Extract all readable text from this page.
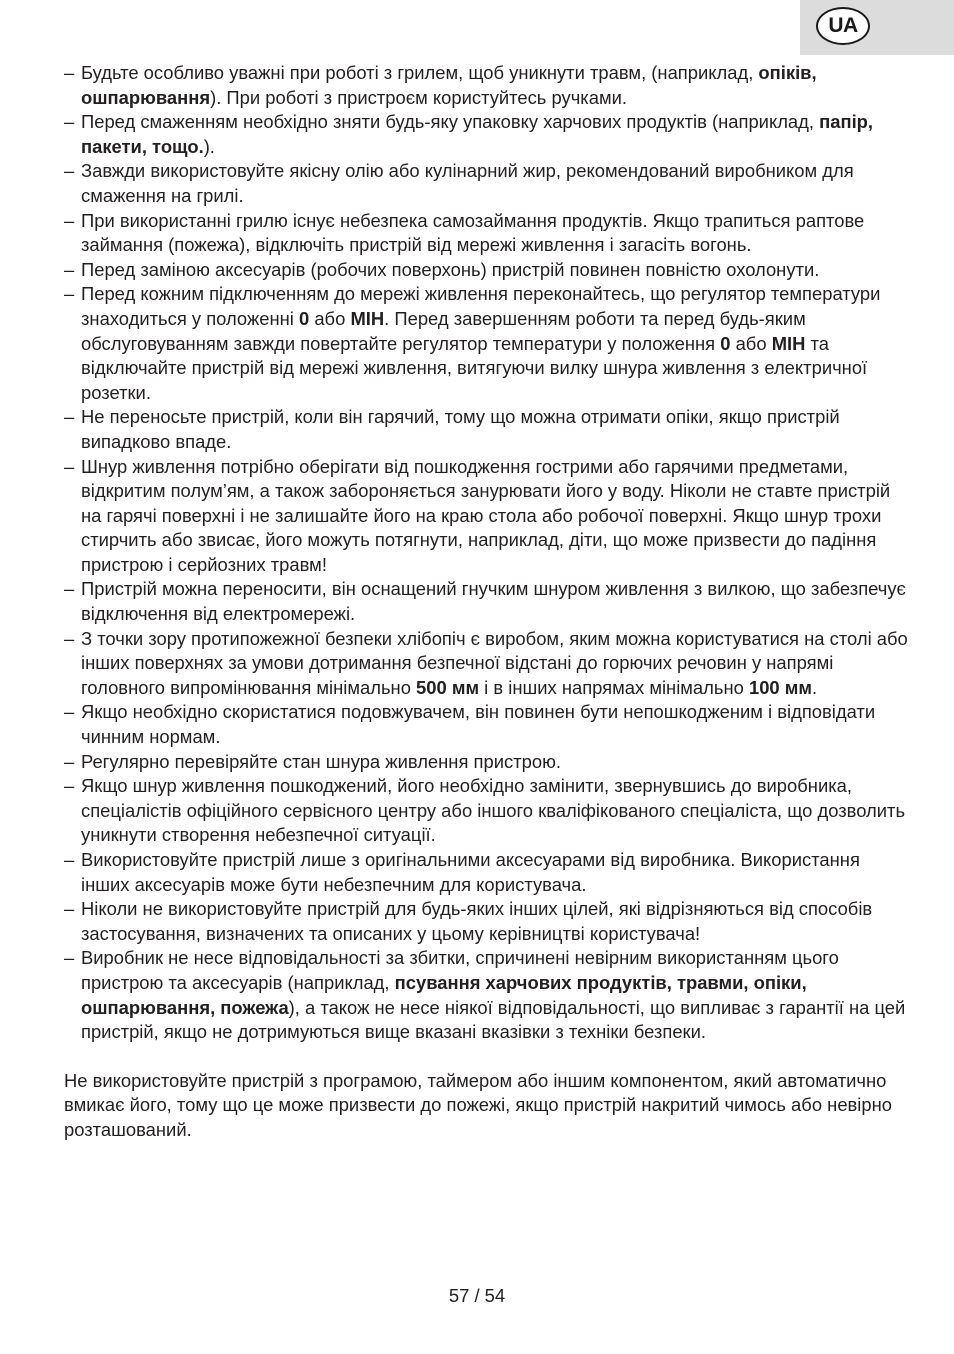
UA
– Будьте особливо уважні при роботі з грилем, щоб уникнути травм, (наприклад, опіків, ошпарювання). При роботі з пристроєм користуйтесь ручками.
– Перед смаженням необхідно зняти будь-яку упаковку харчових продуктів (наприклад, папір, пакети, тощо.).
– Завжди використовуйте якісну олію або кулінарний жир, рекомендований виробником для смаження на грилі.
– При використанні грилю існує небезпека самозаймання продуктів. Якщо трапиться раптове займання (пожежа), відключіть пристрій від мережі живлення і загасіть вогонь.
– Перед заміною аксесуарів (робочих поверхонь) пристрій повинен повністю охолонути.
– Перед кожним підключенням до мережі живлення переконайтесь, що регулятор температури знаходиться у положенні 0 або МІН. Перед завершенням роботи та перед будь-яким обслуговуванням завжди повертайте регулятор температури у положення 0 або МІН та відключайте пристрій від мережі живлення, витягуючи вилку шнура живлення з електричної розетки.
– Не переносьте пристрій, коли він гарячий, тому що можна отримати опіки, якщо пристрій випадково впаде.
– Шнур живлення потрібно оберігати від пошкодження гострими або гарячими предметами, відкритим полум’ям, а також забороняється занурювати його у воду. Ніколи не ставте пристрій на гарячі поверхні і не залишайте його на краю стола або робочої поверхні. Якщо шнур трохи стирчить або звисає, його можуть потягнути, наприклад, діти, що може призвести до падіння пристрою і серйозних травм!
– Пристрій можна переносити, він оснащений гнучким шнуром живлення з вилкою, що забезпечує відключення від електромережі.
– З точки зору протипожежної безпеки хлібопіч є виробом, яким можна користуватися на столі або інших поверхнях за умови дотримання безпечної відстані до горючих речовин у напрямі головного випромінювання мінімально 500 мм і в інших напрямах мінімально 100 мм.
– Якщо необхідно скористатися подовжувачем, він повинен бути непошкодженим і відповідати чинним нормам.
– Регулярно перевіряйте стан шнура живлення пристрою.
– Якщо шнур живлення пошкоджений, його необхідно замінити, звернувшись до виробника, спеціалістів офіційного сервісного центру або іншого кваліфікованого спеціаліста, що дозволить уникнути створення небезпечної ситуації.
– Використовуйте пристрій лише з оригінальними аксесуарами від виробника. Використання інших аксесуарів може бути небезпечним для користувача.
– Ніколи не використовуйте пристрій для будь-яких інших цілей, які відрізняються від способів застосування, визначених та описаних у цьому керівництві користувача!
– Виробник не несе відповідальності за збитки, спричинені невірним використанням цього пристрою та аксесуарів (наприклад, псування харчових продуктів, травми, опіки, ошпарювання, пожежа), а також не несе ніякої відповідальності, що випливає з гарантії на цей пристрій, якщо не дотримуються вище вказані вказівки з техніки безпеки.

Не використовуйте пристрій з програмою, таймером або іншим компонентом, який автоматично вмикає його, тому що це може призвести до пожежі, якщо пристрій накритий чимось або невірно розташований.

57 / 54
